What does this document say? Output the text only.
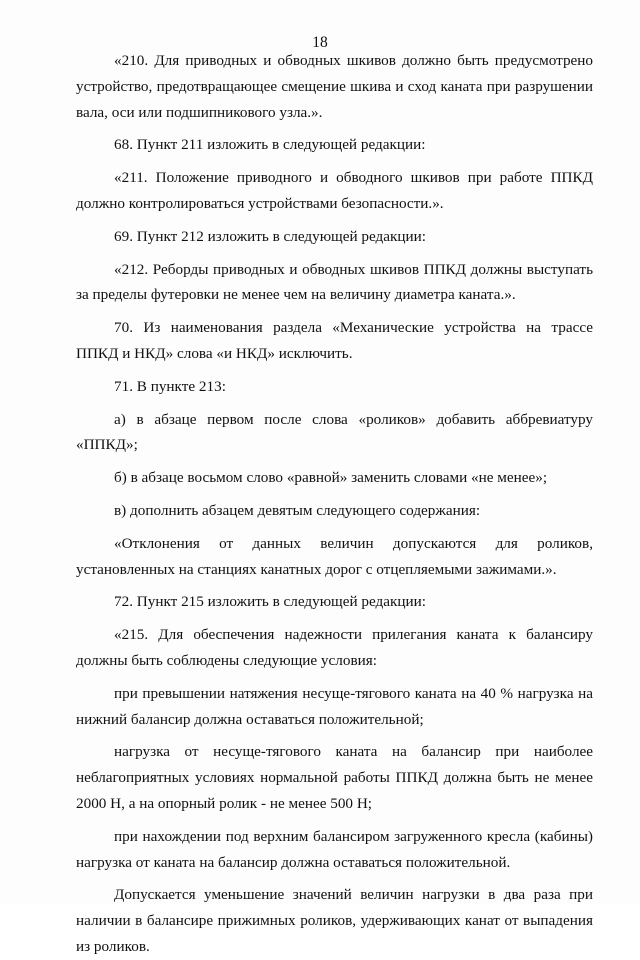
18

«210. Для приводных и обводных шкивов должно быть предусмотрено устройство, предотвращающее смещение шкива и сход каната при разрушении вала, оси или подшипникового узла.».

68. Пункт 211 изложить в следующей редакции:

«211. Положение приводного и обводного шкивов при работе ППКД должно контролироваться устройствами безопасности.».

69. Пункт 212 изложить в следующей редакции:

«212. Реборды приводных и обводных шкивов ППКД должны выступать за пределы футеровки не менее чем на величину диаметра каната.».

70. Из наименования раздела «Механические устройства на трассе ППКД и НКД» слова «и НКД» исключить.

71. В пункте 213:

а) в абзаце первом после слова «роликов» добавить аббревиатуру «ППКД»;

б) в абзаце восьмом слово «равной» заменить словами «не менее»;

в) дополнить абзацем девятым следующего содержания:

«Отклонения от данных величин допускаются для роликов, установленных на станциях канатных дорог с отцепляемыми зажимами.».

72. Пункт 215 изложить в следующей редакции:

«215. Для обеспечения надежности прилегания каната к балансиру должны быть соблюдены следующие условия:

при превышении натяжения несуще-тягового каната на 40 % нагрузка на нижний балансир должна оставаться положительной;

нагрузка от несуще-тягового каната на балансир при наиболее неблагоприятных условиях нормальной работы ППКД должна быть не менее 2000 Н, а на опорный ролик - не менее 500 Н;

при нахождении под верхним балансиром загруженного кресла (кабины) нагрузка от каната на балансир должна оставаться положительной.

Допускается уменьшение значений величин нагрузки в два раза при наличии в балансире прижимных роликов, удерживающих канат от выпадения из роликов.
